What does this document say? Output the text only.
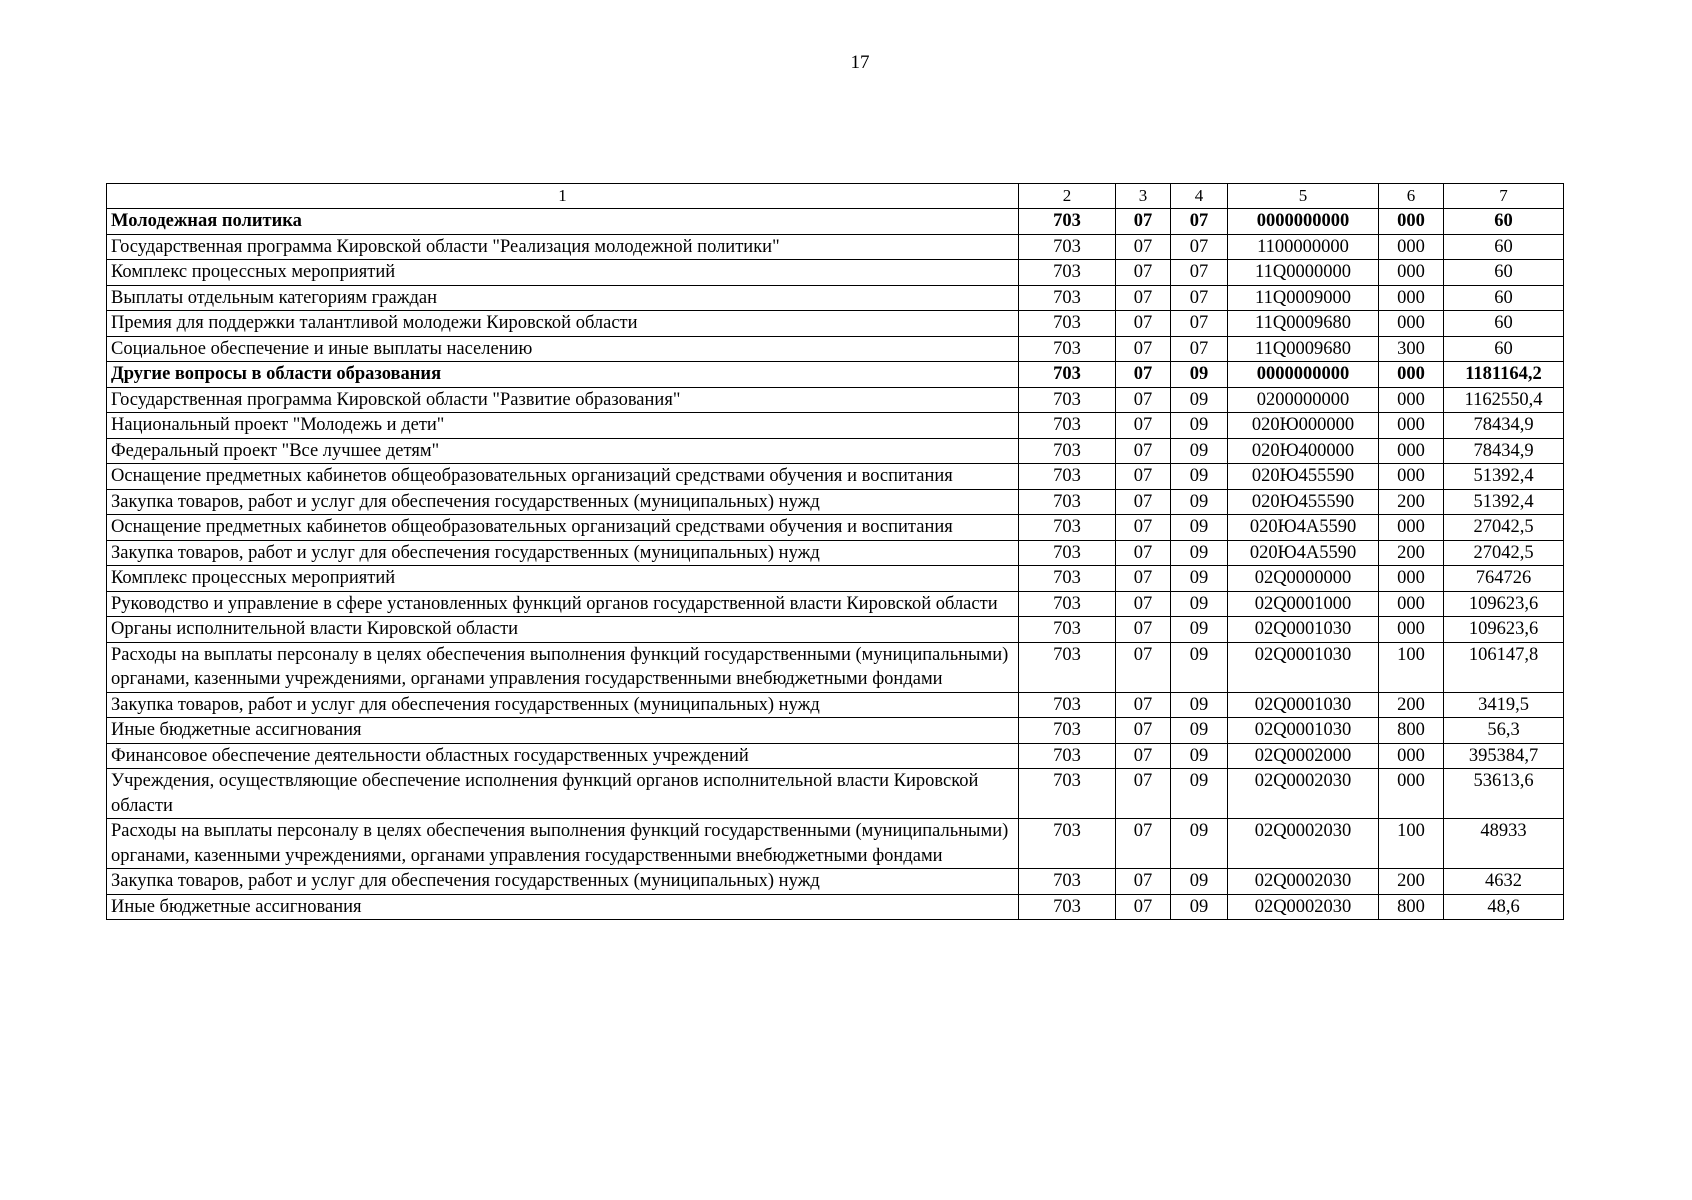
17
1	2	3	4	5	6	7
Молодежная политика	703	07	07	0000000000	000	60
Государственная программа Кировской области "Реализация молодежной политики"	703	07	07	1100000000	000	60
Комплекс процессных мероприятий	703	07	07	11Q0000000	000	60
Выплаты отдельным категориям граждан	703	07	07	11Q0009000	000	60
Премия для поддержки талантливой молодежи Кировской области	703	07	07	11Q0009680	000	60
Социальное обеспечение и иные выплаты населению	703	07	07	11Q0009680	300	60
Другие вопросы в области образования	703	07	09	0000000000	000	1181164,2
Государственная программа Кировской области "Развитие образования"	703	07	09	0200000000	000	1162550,4
Национальный проект "Молодежь и дети"	703	07	09	020Ю000000	000	78434,9
Федеральный проект "Все лучшее детям"	703	07	09	020Ю400000	000	78434,9
Оснащение предметных кабинетов общеобразовательных организаций средствами обучения и воспитания	703	07	09	020Ю455590	000	51392,4
Закупка товаров, работ и услуг для обеспечения государственных (муниципальных) нужд	703	07	09	020Ю455590	200	51392,4
Оснащение предметных кабинетов общеобразовательных организаций средствами обучения и воспитания	703	07	09	020Ю4А5590	000	27042,5
Закупка товаров, работ и услуг для обеспечения государственных (муниципальных) нужд	703	07	09	020Ю4А5590	200	27042,5
Комплекс процессных мероприятий	703	07	09	02Q0000000	000	764726
Руководство и управление в сфере установленных функций органов государственной власти Кировской области	703	07	09	02Q0001000	000	109623,6
Органы исполнительной власти Кировской области	703	07	09	02Q0001030	000	109623,6
Расходы на выплаты персоналу в целях обеспечения выполнения функций государственными (муниципальными) органами, казенными учреждениями, органами управления государственными внебюджетными фондами	703	07	09	02Q0001030	100	106147,8
Закупка товаров, работ и услуг для обеспечения государственных (муниципальных) нужд	703	07	09	02Q0001030	200	3419,5
Иные бюджетные ассигнования	703	07	09	02Q0001030	800	56,3
Финансовое обеспечение деятельности областных государственных учреждений	703	07	09	02Q0002000	000	395384,7
Учреждения, осуществляющие обеспечение исполнения функций органов исполнительной власти Кировской области	703	07	09	02Q0002030	000	53613,6
Расходы на выплаты персоналу в целях обеспечения выполнения функций государственными (муниципальными) органами, казенными учреждениями, органами управления государственными внебюджетными фондами	703	07	09	02Q0002030	100	48933
Закупка товаров, работ и услуг для обеспечения государственных (муниципальных) нужд	703	07	09	02Q0002030	200	4632
Иные бюджетные ассигнования	703	07	09	02Q0002030	800	48,6
